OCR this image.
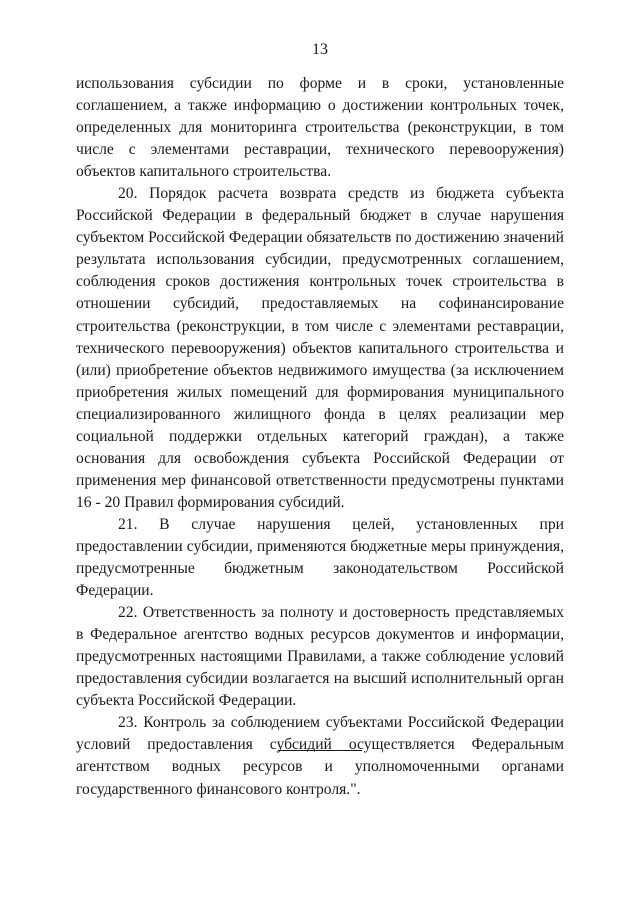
13

использования субсидии по форме и в сроки, установленные соглашением, а также информацию о достижении контрольных точек, определенных для мониторинга строительства (реконструкции, в том числе с элементами реставрации, технического перевооружения) объектов капитального строительства.

20. Порядок расчета возврата средств из бюджета субъекта Российской Федерации в федеральный бюджет в случае нарушения субъектом Российской Федерации обязательств по достижению значений результата использования субсидии, предусмотренных соглашением, соблюдения сроков достижения контрольных точек строительства в отношении субсидий, предоставляемых на софинансирование строительства (реконструкции, в том числе с элементами реставрации, технического перевооружения) объектов капитального строительства и (или) приобретение объектов недвижимого имущества (за исключением приобретения жилых помещений для формирования муниципального специализированного жилищного фонда в целях реализации мер социальной поддержки отдельных категорий граждан), а также основания для освобождения субъекта Российской Федерации от применения мер финансовой ответственности предусмотрены пунктами 16 - 20 Правил формирования субсидий.

21. В случае нарушения целей, установленных при предоставлении субсидии, применяются бюджетные меры принуждения, предусмотренные бюджетным законодательством Российской Федерации.

22. Ответственность за полноту и достоверность представляемых в Федеральное агентство водных ресурсов документов и информации, предусмотренных настоящими Правилами, а также соблюдение условий предоставления субсидии возлагается на высший исполнительный орган субъекта Российской Федерации.

23. Контроль за соблюдением субъектами Российской Федерации условий предоставления субсидий осуществляется Федеральным агентством водных ресурсов и уполномоченными органами государственного финансового контроля.".
